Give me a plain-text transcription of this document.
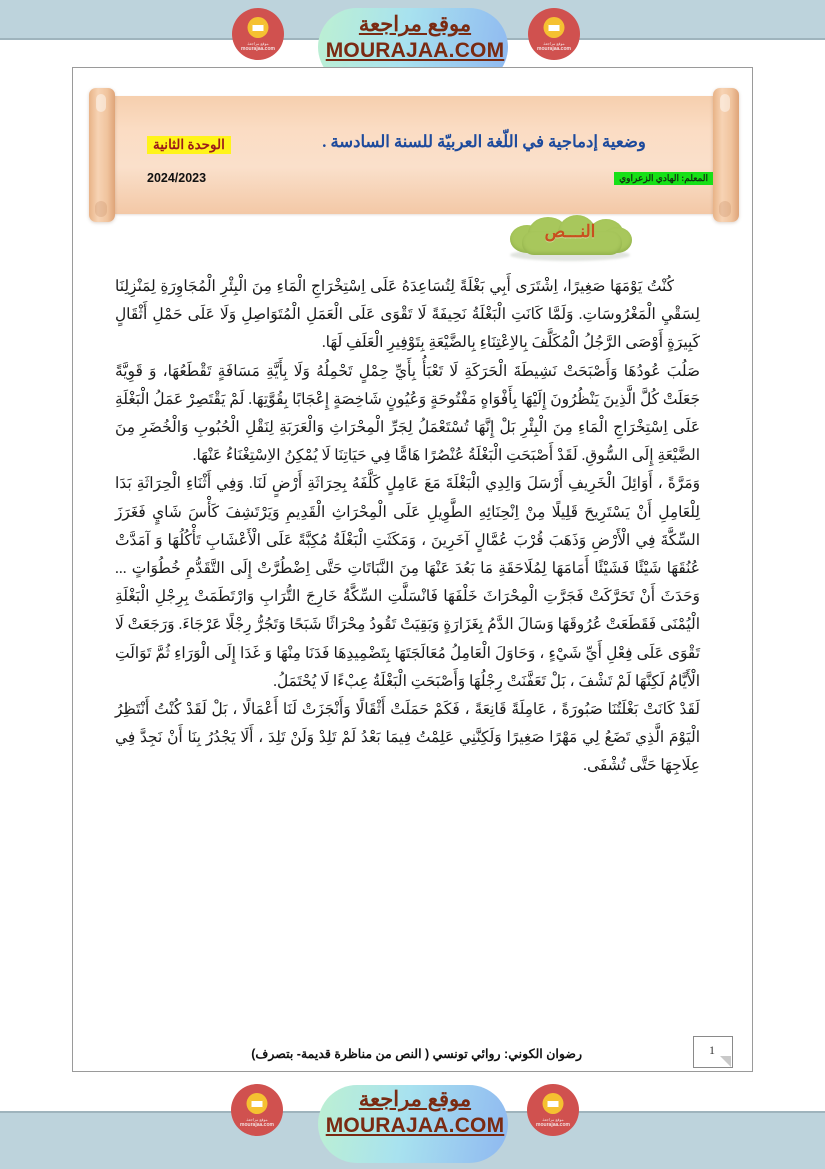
موقع مراجعة
mourajaa.com
موقع مراجعة
mourajaa.com
موقع مراجعة
MOURAJAA.COM
وضعية إدماجية في اللّغة العربيّة للسنة السادسة .
الوحدة الثانية
2024/2023	المعلم: الهادي الزعراوي
النـــص

كُنْتُ يَوْمَهَا صَغِيرًا، اِشْتَرَى أَبِي بَغْلَةً لِتُسَاعِدَهُ عَلَى اِسْتِخْرَاجِ الْمَاءِ مِنَ الْبِئْرِ الْمُجَاوِرَةِ لِمَنْزِلِنَا لِسَقْيِ الْمَغْرُوسَاتِ. وَلَمَّا كَانَتِ الْبَغْلَةُ نَحِيفَةً لَا تَقْوَى عَلَى الْعَمَلِ الْمُتَوَاصِلِ وَلَا عَلَى حَمْلِ أَثْقَالٍ كَبِيرَةٍ أَوْصَى الرَّجُلُ الْمُكَلَّفَ بِالاِعْتِنَاءِ بِالضَّيْعَةِ بِتَوْفِيرِ الْعَلَفِ لَهَا.

صَلُبَ عُودُهَا وَأَصْبَحَتْ نَشِيطَةَ الْحَرَكَةِ لَا تَعْبَأُ بِأَيِّ حِمْلٍ تَحْمِلُهُ وَلَا بِأَيَّةِ مَسَافَةٍ تَقْطَعُهَا، وَ قَوِيَّةً جَعَلَتْ كُلَّ الَّذِينَ يَنْظُرُونَ إِلَيْهَا بِأَفْوَاهٍ مَفْتُوحَةٍ وَعُيُونٍ شَاخِصَةٍ إِعْجَابًا بِقُوَّتِهَا. لَمْ يَقْتَصِرْ عَمَلُ الْبَغْلَةِ عَلَى اِسْتِخْرَاجِ الْمَاءِ مِنَ الْبِئْرِ بَلْ إِنَّهَا تُسْتَعْمَلُ لِجَرِّ الْمِحْرَاثِ وَالْعَرَبَةِ لِنَقْلِ الْحُبُوبِ وَالْخُضَرِ مِنَ الضَّيْعَةِ إِلَى السُّوقِ. لَقَدْ أَصْبَحَتِ الْبَغْلَةُ عُنْصُرًا هَامًّا فِي حَيَاتِنَا لَا يُمْكِنُ الاِسْتِغْنَاءُ عَنْهَا.

وَمَرَّةً ، أَوَائِلَ الْخَرِيفِ أَرْسَلَ وَالِدِي الْبَغْلَةَ مَعَ عَامِلٍ كَلَّفَهُ بِحِرَاثَةِ أَرْضٍ لَنَا. وَفِي أَثْنَاءِ الْحِرَاثَةِ بَدَا لِلْعَامِلِ أَنْ يَسْتَرِيحَ قَلِيلًا مِنْ اِنْحِنَائِهِ الطَّوِيلِ عَلَى الْمِحْرَاثِ الْقَدِيمِ وَيَرْتَشِفَ كَأْسَ شَايٍ فَغَرَزَ السِّكَّةَ فِي الْأَرْضِ وَذَهَبَ قُرْبَ عُمَّالٍ آخَرِينَ ، وَمَكَثَتِ الْبَغْلَةُ مُكِبَّةً عَلَى الْأَعْشَابِ تَأْكُلُهَا وَ آمَدَّتْ عُنُقَهَا شَيْئًا فَشَيْئًا أَمَامَهَا لِمُلَاحَقَةِ مَا بَعُدَ عَنْهَا مِنَ النَّبَاتَاتِ حَتَّى اِضْطُرَّتْ إِلَى التَّقَدُّمِ خُطُوَاتٍ ... وَحَدَثَ أَنْ تَحَرَّكَتْ فَجَرَّتِ الْمِحْرَاثَ خَلْفَهَا فَانْسَلَّتِ السِّكَّةُ خَارِجَ التُّرَابِ وَارْتَطَمَتْ بِرِجْلِ الْبَغْلَةِ الْيُمْنَى فَقَطَعَتْ عُرُوقَهَا وَسَالَ الدَّمُ بِغَزَارَةٍ وَبَقِيَتْ تَقُودُ مِحْرَاثًا شَبَحًا وَتَجُرُّ رِجْلًا عَرْجَاءَ. وَرَجَعَتْ لَا تَقْوَى عَلَى فِعْلِ أَيِّ شَيْءٍ ، وَحَاوَلَ الْعَامِلُ مُعَالَجَتَهَا بِتَضْمِيدِهَا فَدَنَا مِنْهَا وَ غَدَا إِلَى الْوَرَاءِ ثُمَّ تَوَالَتِ الْأَيَّامُ لَكِنَّهَا لَمْ تَشْفَ ، بَلْ تَعَفَّنَتْ رِجْلُهَا وَأَصْبَحَتِ الْبَغْلَةُ عِبْءًا لَا يُحْتَمَلُ.

لَقَدْ كَانَتْ بَغْلَتُنَا صَبُورَةً ، عَامِلَةً قَانِعَةً ، فَكَمْ حَمَلَتْ أَثْقَالًا وَأَنْجَزَتْ لَنَا أَعْمَالًا ، بَلْ لَقَدْ كُنْتُ أَنْتَظِرُ الْيَوْمَ الَّذِي تَضَعُ لِي مَهْرًا صَغِيرًا وَلَكِنَّنِي عَلِمْتُ فِيمَا بَعْدُ لَمْ تَلِدْ وَلَنْ تَلِدَ ، أَلَا يَجْدُرُ بِنَا أَنْ نَجِدَّ فِي عِلَاجِهَا حَتَّى تُشْفَى.

رضوان الكوني: روائي تونسي ( النص من مناظرة قديمة- بتصرف)	1
موقع مراجعة
mourajaa.com
موقع مراجعة
mourajaa.com
موقع مراجعة
MOURAJAA.COM
